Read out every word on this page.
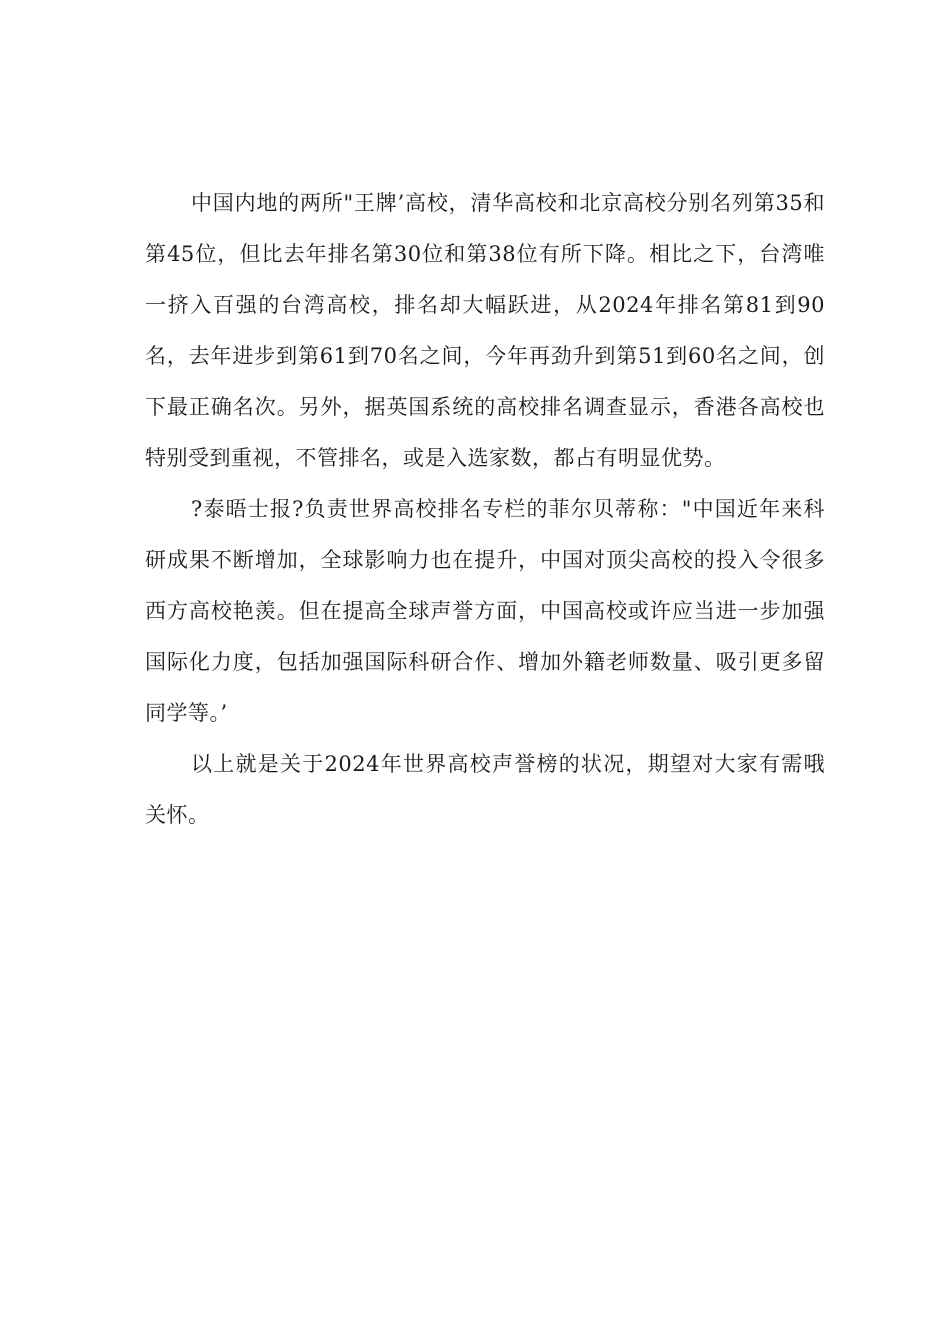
中国内地的两所"王牌’高校，清华高校和北京高校分别名列第35和第45位，但比去年排名第30位和第38位有所下降。相比之下，台湾唯一挤入百强的台湾高校，排名却大幅跃进，从2024年排名第81到90名，去年进步到第61到70名之间，今年再劲升到第51到60名之间，创下最正确名次。另外，据英国系统的高校排名调查显示，香港各高校也特别受到重视，不管排名，或是入选家数，都占有明显优势。

?泰晤士报?负责世界高校排名专栏的菲尔贝蒂称："中国近年来科研成果不断增加，全球影响力也在提升，中国对顶尖高校的投入令很多西方高校艳羡。但在提高全球声誉方面，中国高校或许应当进一步加强国际化力度，包括加强国际科研合作、增加外籍老师数量、吸引更多留同学等。’

以上就是关于2024年世界高校声誉榜的状况，期望对大家有需哦关怀。
